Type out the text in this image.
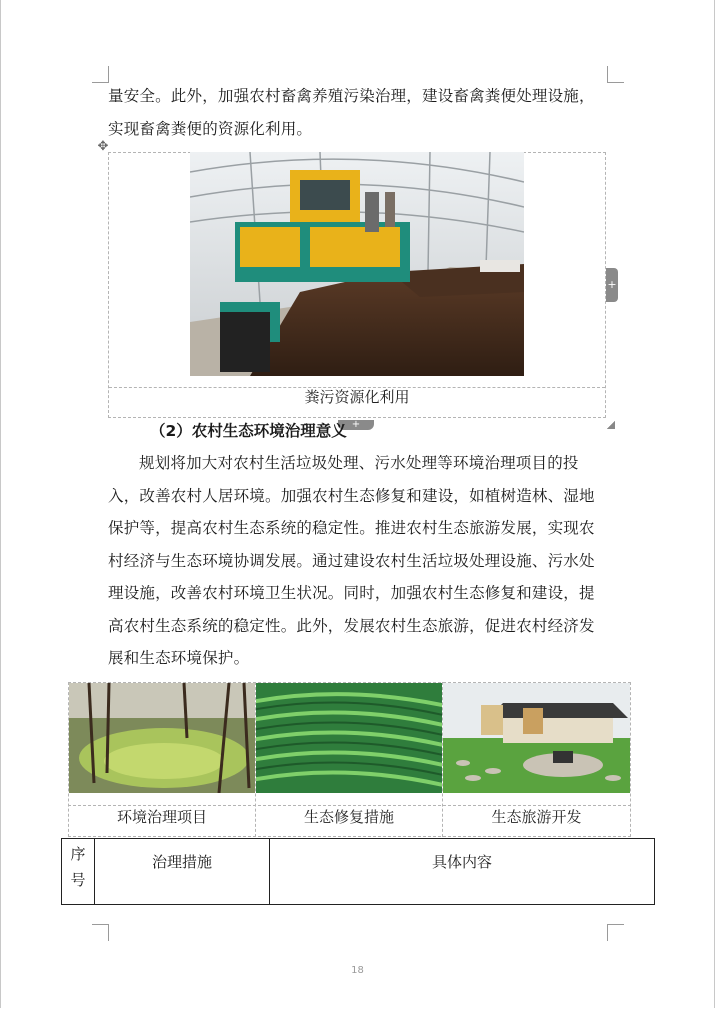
量安全。此外，加强农村畜禽养殖污染治理，建设畜禽粪便处理设施，实现畜禽粪便的资源化利用。

✥
粪污资源化利用
+
+
（2）农村生态环境治理意义

规划将加大对农村生活垃圾处理、污水处理等环境治理项目的投入，改善农村人居环境。加强农村生态修复和建设，如植树造林、湿地保护等，提高农村生态系统的稳定性。推进农村生态旅游发展，实现农村经济与生态环境协调发展。通过建设农村生活垃圾处理设施、污水处理设施，改善农村环境卫生状况。同时，加强农村生态修复和建设，提高农村生态系统的稳定性。此外，发展农村生态旅游，促进农村经济发展和生态环境保护。

环境治理项目	生态修复措施	生态旅游开发
序号	治理措施	具体内容
18
